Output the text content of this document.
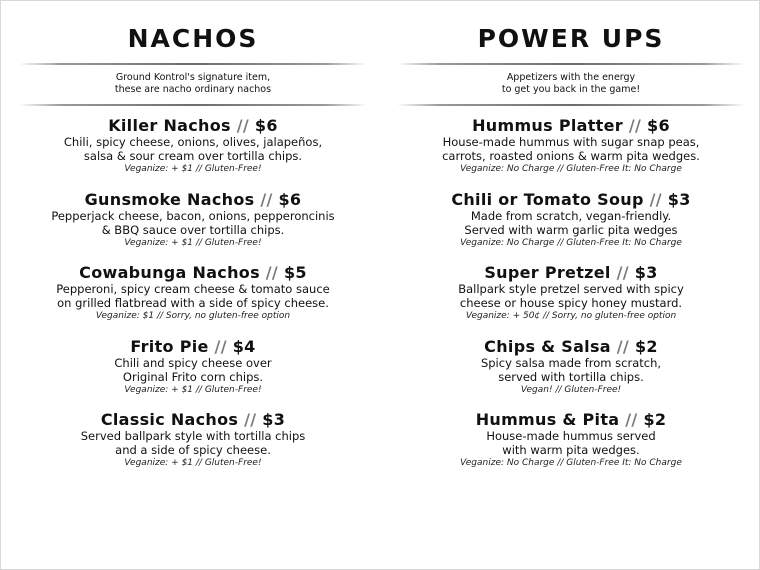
NACHOS
Ground Kontrol's signature item,
these are nacho ordinary nachos
Killer Nachos // $6
Chili, spicy cheese, onions, olives, jalapeños,
salsa & sour cream over tortilla chips.
Veganize: + $1 // Gluten-Free!
Gunsmoke Nachos // $6
Pepperjack cheese, bacon, onions, pepperoncinis
& BBQ sauce over tortilla chips.
Veganize: + $1 // Gluten-Free!
Cowabunga Nachos // $5
Pepperoni, spicy cream cheese & tomato sauce
on grilled flatbread with a side of spicy cheese.
Veganize: $1 // Sorry, no gluten-free option
Frito Pie // $4
Chili and spicy cheese over
Original Frito corn chips.
Veganize: + $1 // Gluten-Free!
Classic Nachos // $3
Served ballpark style with tortilla chips
and a side of spicy cheese.
Veganize: + $1 // Gluten-Free!
POWER UPS
Appetizers with the energy
to get you back in the game!
Hummus Platter // $6
House-made hummus with sugar snap peas,
carrots, roasted onions & warm pita wedges.
Veganize: No Charge // Gluten-Free It: No Charge
Chili or Tomato Soup // $3
Made from scratch, vegan-friendly.
Served with warm garlic pita wedges
Veganize: No Charge // Gluten-Free It: No Charge
Super Pretzel // $3
Ballpark style pretzel served with spicy
cheese or house spicy honey mustard.
Veganize: + 50¢ // Sorry, no gluten-free option
Chips & Salsa // $2
Spicy salsa made from scratch,
served with tortilla chips.
Vegan! // Gluten-Free!
Hummus & Pita // $2
House-made hummus served
with warm pita wedges.
Veganize: No Charge // Gluten-Free It: No Charge
